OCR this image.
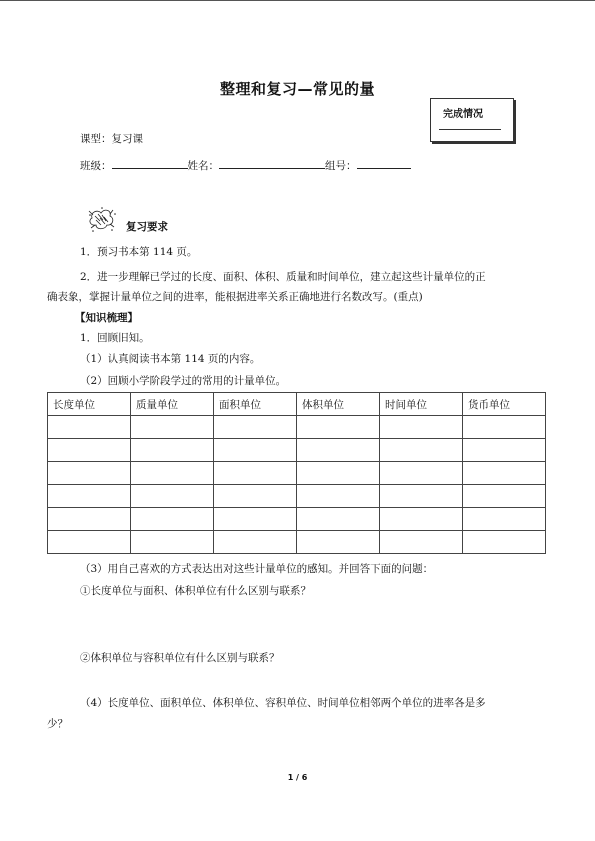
整理和复习—常见的量
完成情况
课型：复习课
班级：	姓名：	组号：
复习要求
1．预习书本第 114 页。
2．进一步理解已学过的长度、面积、体积、质量和时间单位，建立起这些计量单位的正
确表象，掌握计量单位之间的进率，能根据进率关系正确地进行名数改写。(重点)
【知识梳理】
1．回顾旧知。
（1）认真阅读书本第 114 页的内容。
（2）回顾小学阶段学过的常用的计量单位。
长度单位	质量单位	面积单位	体积单位	时间单位	货币单位

（3）用自己喜欢的方式表达出对这些计量单位的感知。并回答下面的问题：
①长度单位与面积、体积单位有什么区别与联系？
②体积单位与容积单位有什么区别与联系？
（4）长度单位、面积单位、体积单位、容积单位、时间单位相邻两个单位的进率各是多
少？
1 / 6
